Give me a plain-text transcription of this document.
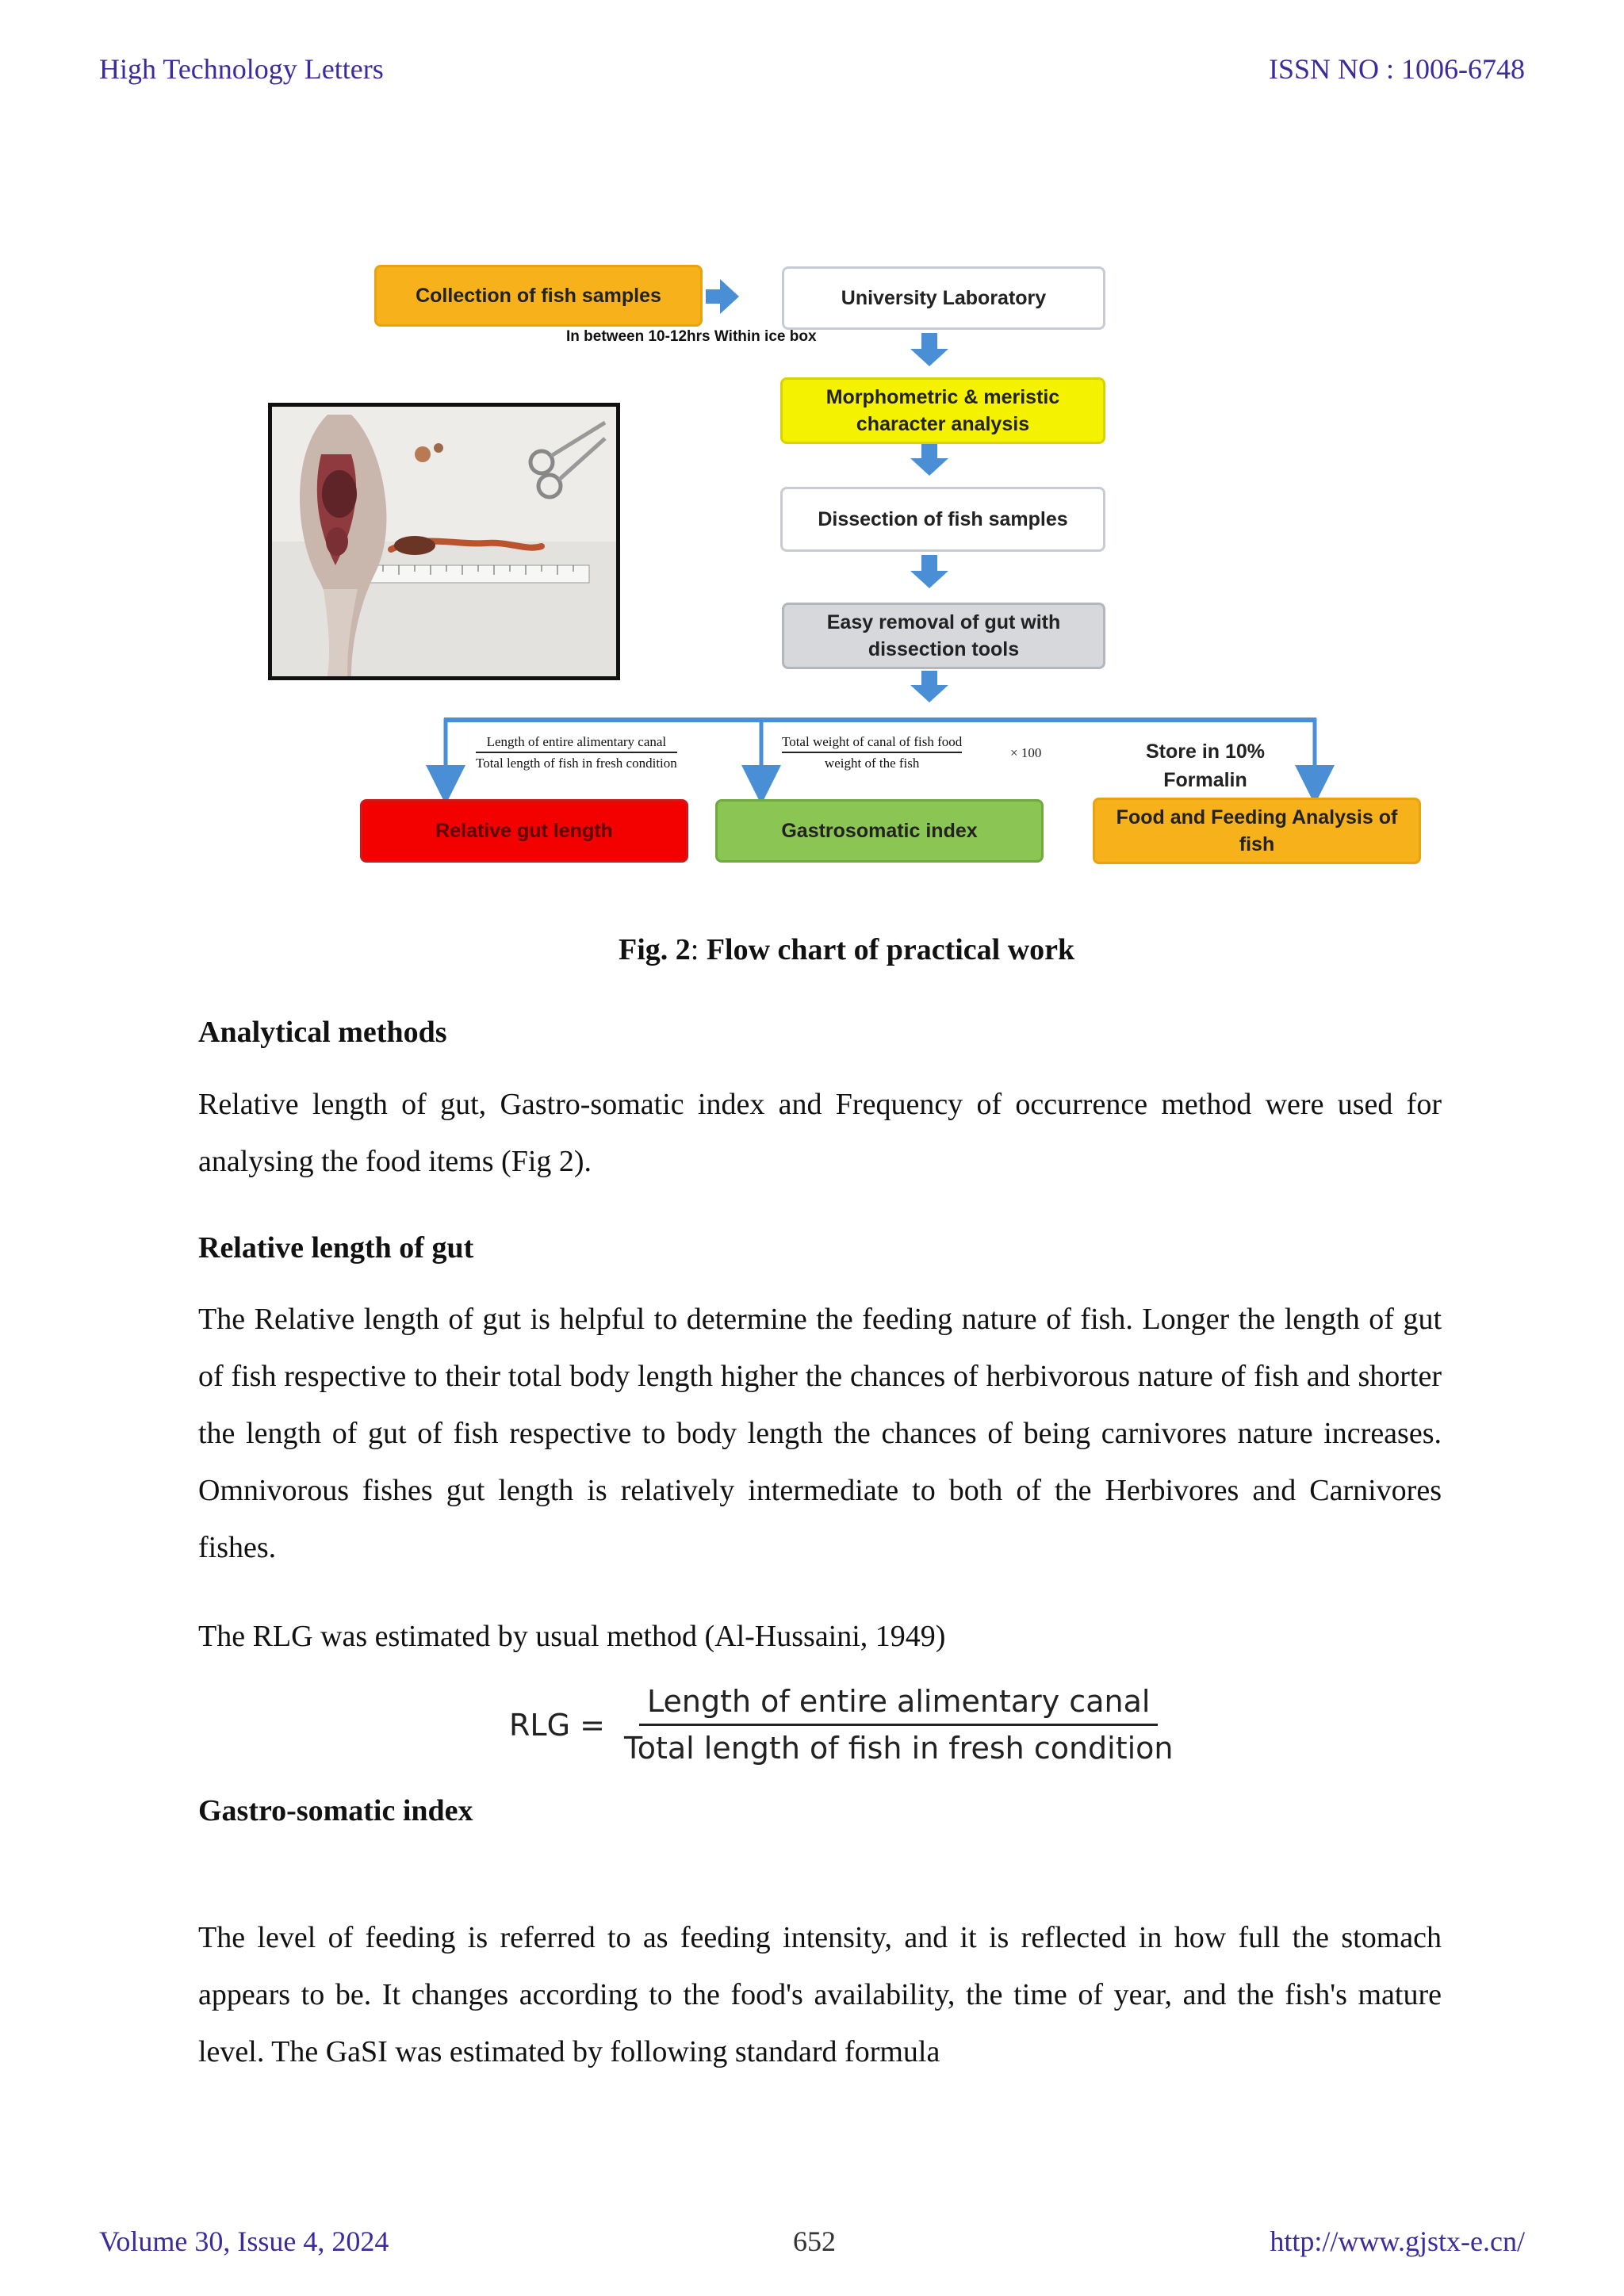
High Technology Letters	ISSN NO : 1006-6748
Collection of fish samples	University Laboratory
In between 10-12hrs Within ice box
Morphometric & meristic character analysis
Dissection of fish samples
Easy removal of gut with dissection tools
Length of entire alimentary canal
Total length of fish in fresh condition
Total weight of canal of fish food
weight of the fish
× 100	Store in 10% Formalin
Relative gut length	Gastrosomatic index
Food and Feeding Analysis of fish
Fig. 2: Flow chart of practical work
Analytical methods
Relative length of gut, Gastro-somatic index and Frequency of occurrence method were used for analysing the food items (Fig 2).
Relative length of gut
The Relative length of gut is helpful to determine the feeding nature of fish. Longer the length of gut of fish respective to their total body length higher the chances of herbivorous nature of fish and shorter the length of gut of fish respective to body length the chances of being carnivores nature increases. Omnivorous fishes gut length is relatively intermediate to both of the Herbivores and Carnivores fishes.
The RLG was estimated by usual method (Al-Hussaini, 1949)
RLG = $\frac{\text{Length of entire alimentary canal}}{\text{Total length of fish in fresh condition}}$
Gastro-somatic index
The level of feeding is referred to as feeding intensity, and it is reflected in how full the stomach appears to be. It changes according to the food's availability, the time of year, and the fish's mature level. The GaSI was estimated by following standard formula
Volume 30, Issue 4, 2024	652	http://www.gjstx-e.cn/
